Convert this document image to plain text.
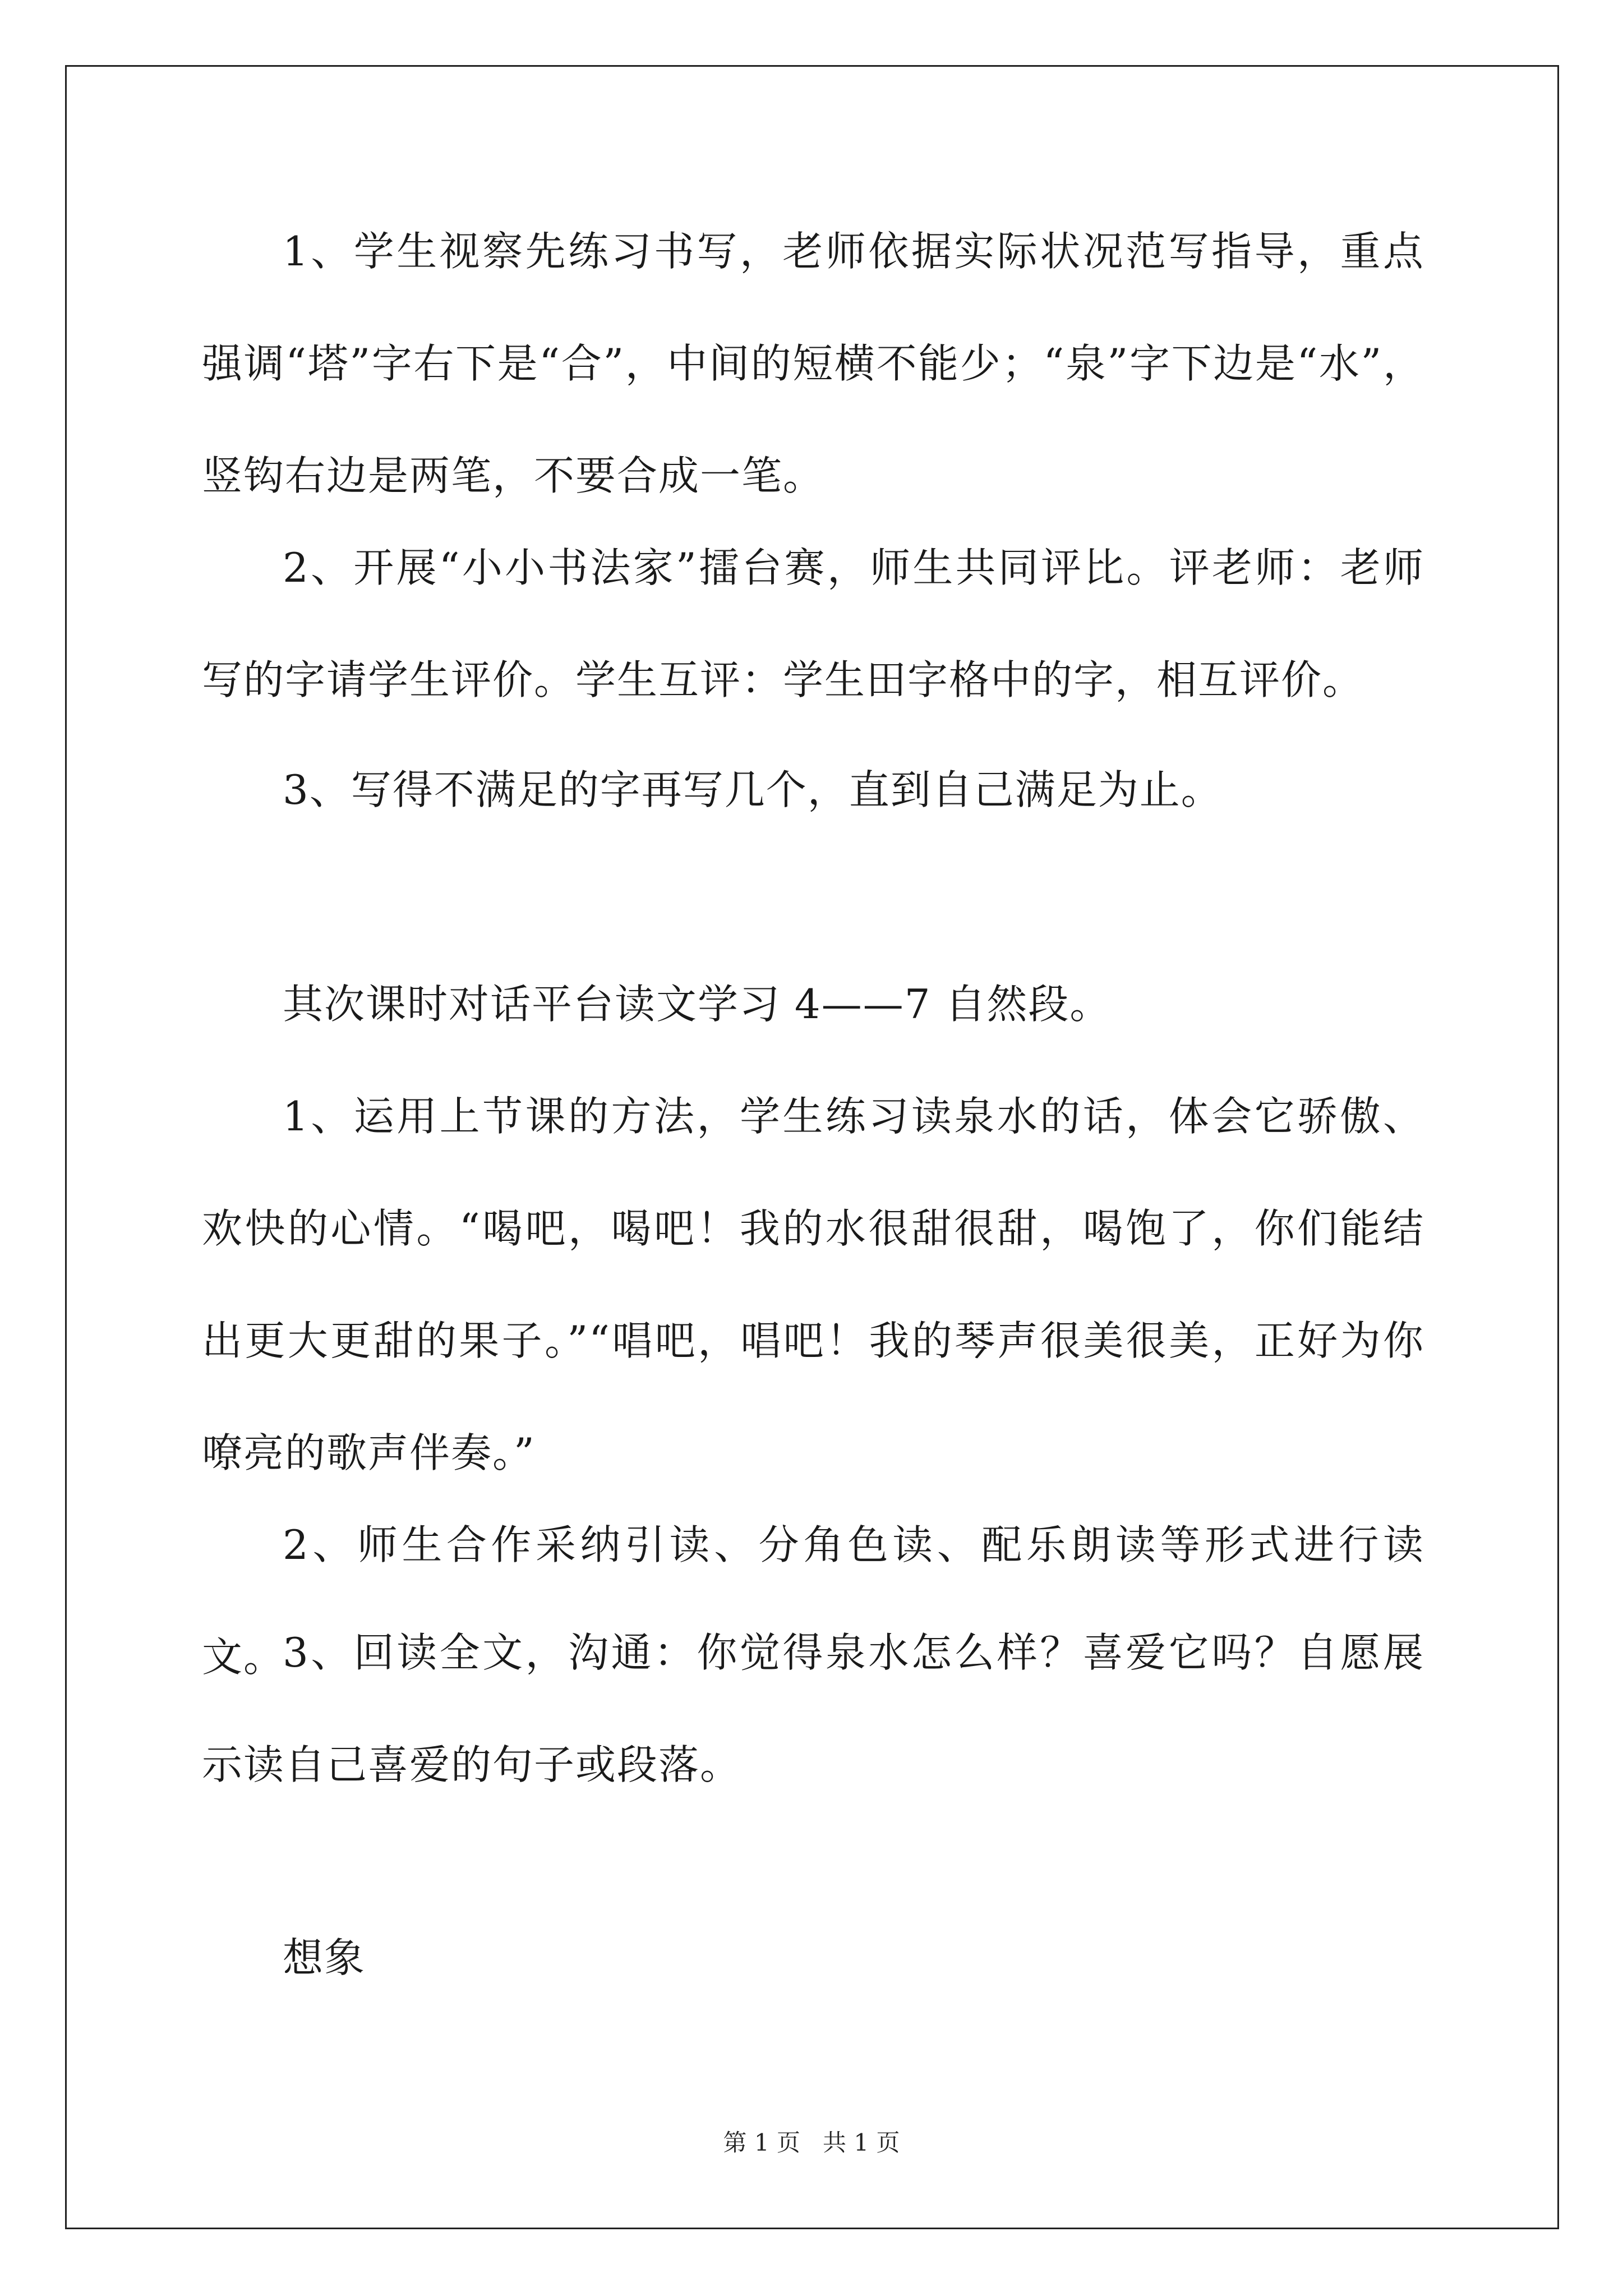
1、学生视察先练习书写，老师依据实际状况范写指导，重点强调“塔”字右下是“合”，中间的短横不能少；“泉”字下边是“水”，竖钩右边是两笔，不要合成一笔。

2、开展“小小书法家”擂台赛，师生共同评比。评老师：老师写的字请学生评价。学生互评：学生田字格中的字，相互评价。

3、写得不满足的字再写几个，直到自己满足为止。

其次课时对话平台读文学习 4——7 自然段。

1、运用上节课的方法，学生练习读泉水的话，体会它骄傲、欢快的心情。“喝吧，喝吧！我的水很甜很甜，喝饱了，你们能结出更大更甜的果子。”“唱吧，唱吧！我的琴声很美很美，正好为你嘹亮的歌声伴奏。”

2、师生合作采纳引读、分角色读、配乐朗读等形式进行读文。

3、回读全文，沟通：你觉得泉水怎么样？喜爱它吗？自愿展示读自己喜爱的句子或段落。

想象

第 1 页 共 1 页
